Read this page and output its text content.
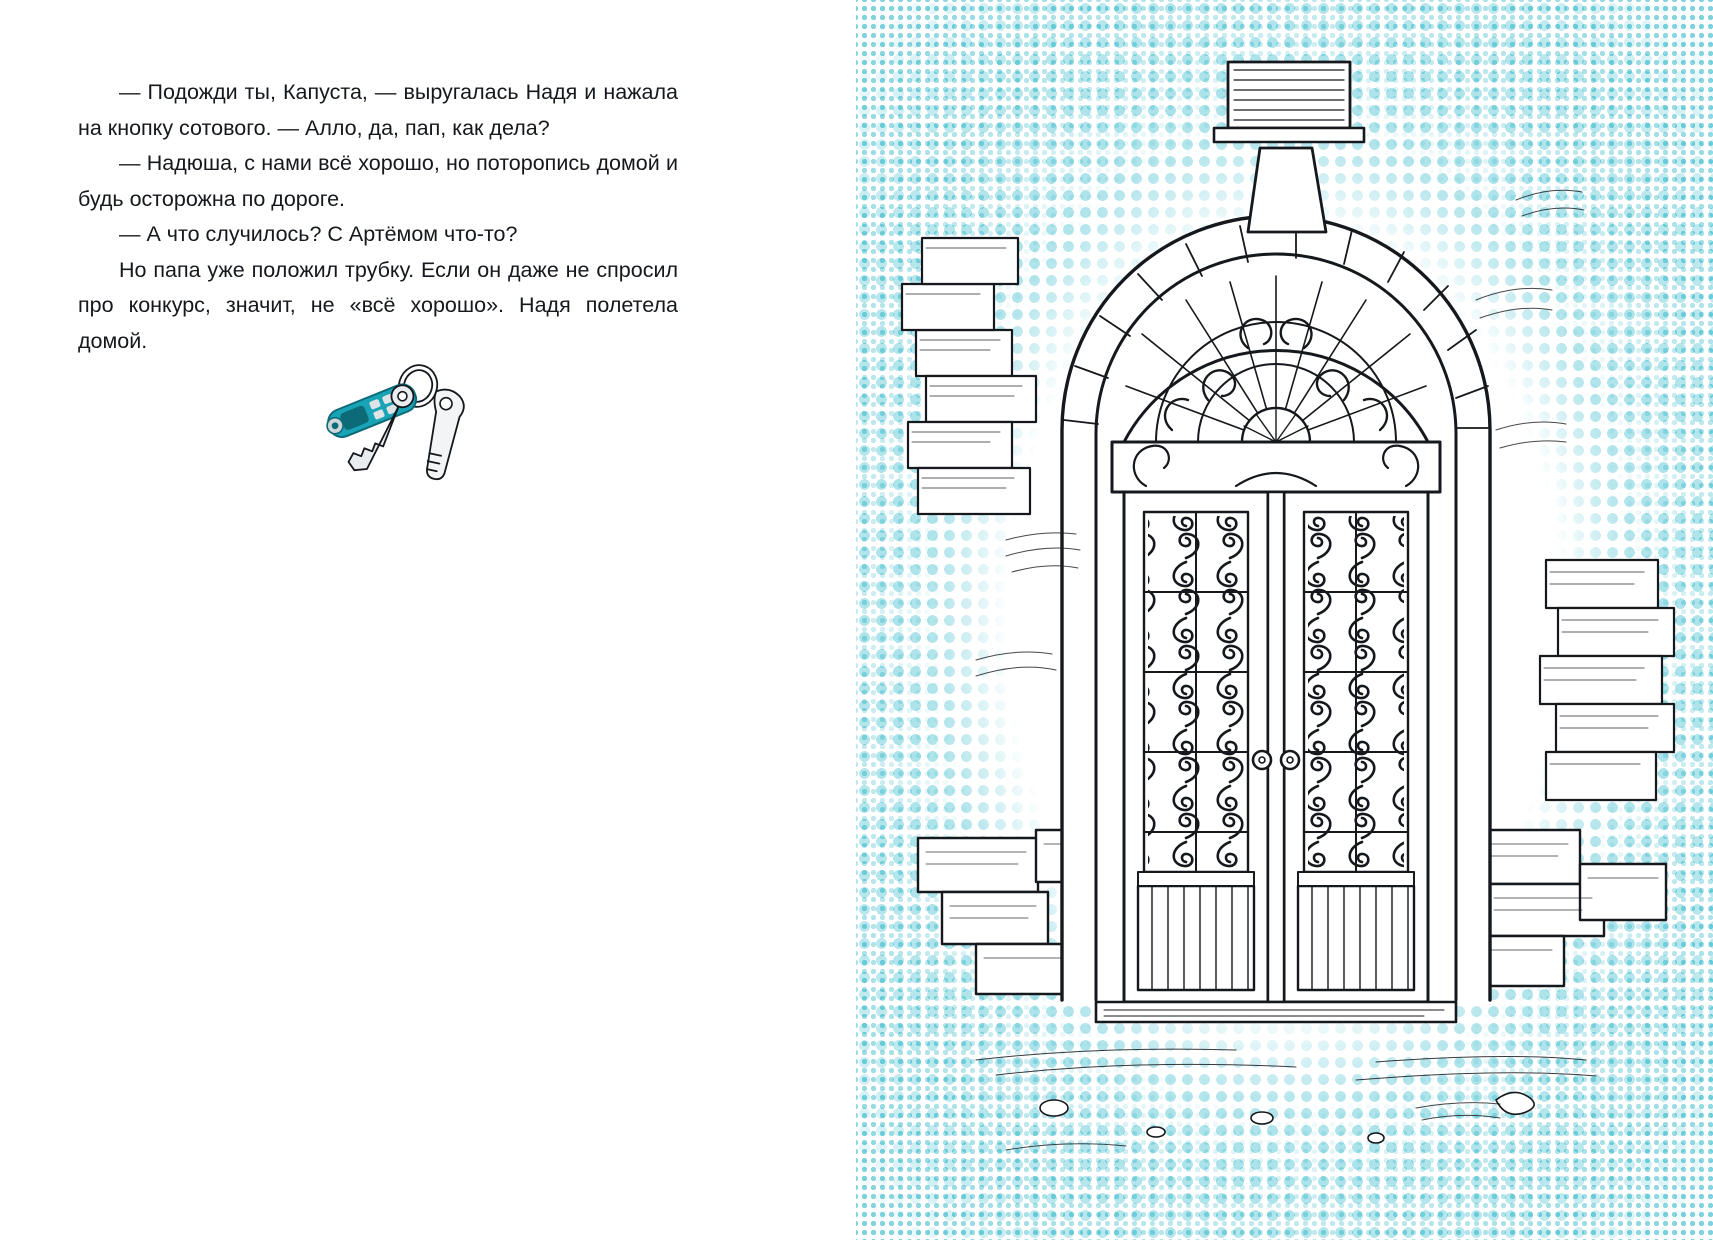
— Подожди ты, Капуста, — выругалась Надя и нажала на кнопку сотового. — Алло, да, пап, как дела?

— Надюша, с нами всё хорошо, но поторопись домой и будь осторожна по дороге.

— А что случилось? С Артёмом что-то?

Но папа уже положил трубку. Если он даже не спросил про конкурс, значит, не «всё хорошо». Надя полетела домой.
